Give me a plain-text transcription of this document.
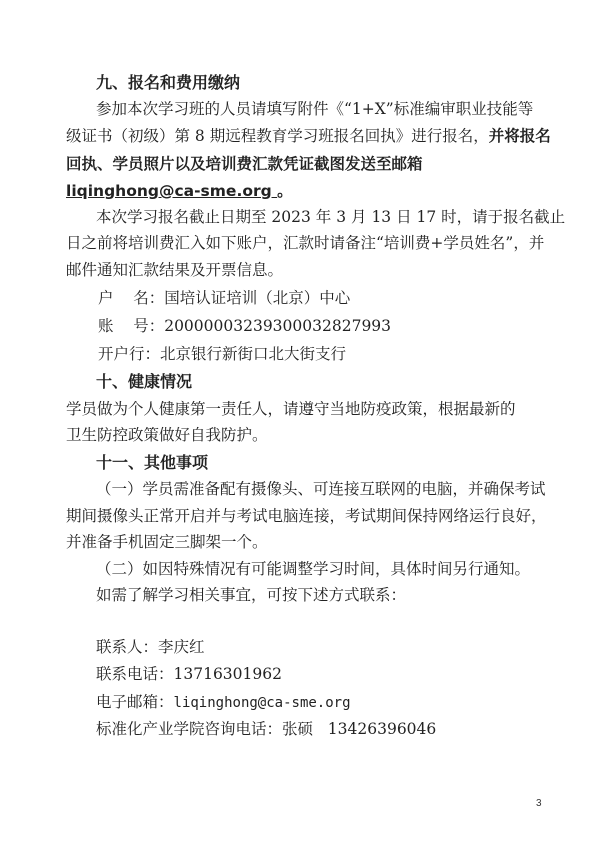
九、报名和费用缴纳
参加本次学习班的人员请填写附件《“1+X”标准编审职业技能等
级证书（初级）第 8 期远程教育学习班报名回执》进行报名，并将报名
回执、学员照片以及培训费汇款凭证截图发送至邮箱
liqinghong@ca-sme.org 。
本次学习报名截止日期至 2023 年 3 月 13 日 17 时，请于报名截止
日之前将培训费汇入如下账户，汇款时请备注“培训费+学员姓名”，并
邮件通知汇款结果及开票信息。
户    名：国培认证培训（北京）中心
账    号：20000003239300032827993
开户行：北京银行新街口北大街支行
十、健康情况
学员做为个人健康第一责任人，请遵守当地防疫政策，根据最新的
卫生防控政策做好自我防护。
十一、其他事项
（一）学员需准备配有摄像头、可连接互联网的电脑，并确保考试
期间摄像头正常开启并与考试电脑连接，考试期间保持网络运行良好，
并准备手机固定三脚架一个。
（二）如因特殊情况有可能调整学习时间，具体时间另行通知。
如需了解学习相关事宜，可按下述方式联系：
联系人：李庆红
联系电话：13716301962
电子邮箱：liqinghong@ca-sme.org
标准化产业学院咨询电话：张硕   13426396046
3
